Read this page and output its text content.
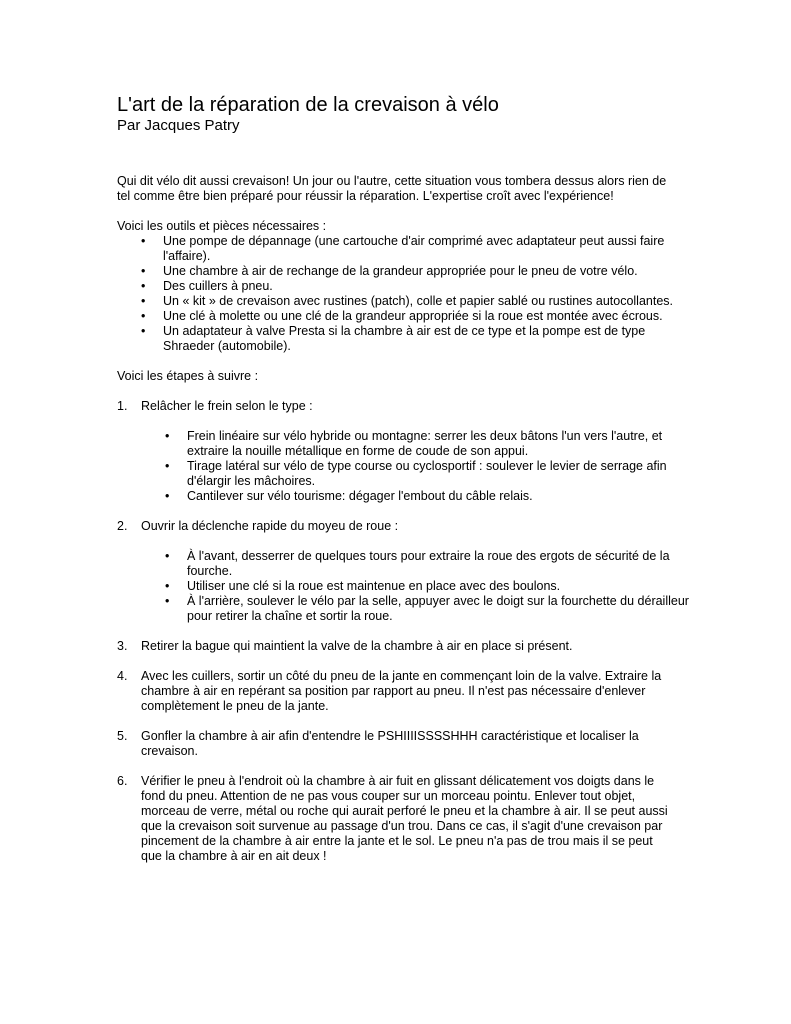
L'art de la réparation de la crevaison à vélo

Par Jacques Patry

Qui dit vélo dit aussi crevaison! Un jour ou l'autre, cette situation vous tombera dessus alors rien de tel comme être bien préparé pour réussir la réparation. L'expertise croît avec l'expérience!

Voici les outils et pièces nécessaires :

• Une pompe de dépannage (une cartouche d'air comprimé avec adaptateur peut aussi faire l'affaire).
• Une chambre à air de rechange de la grandeur appropriée pour le pneu de votre vélo.
• Des cuillers à pneu.
• Un « kit » de crevaison avec rustines (patch), colle et papier sablé ou rustines autocollantes.
• Une clé à molette ou une clé de la grandeur appropriée si la roue est montée avec écrous.
• Un adaptateur à valve Presta si la chambre à air est de ce type et la pompe est de type Shraeder (automobile).

Voici les étapes à suivre :

1. Relâcher le frein selon le type :
• Frein linéaire sur vélo hybride ou montagne: serrer les deux bâtons l'un vers l'autre, et extraire la nouille métallique en forme de coude de son appui.
• Tirage latéral sur vélo de type course ou cyclosportif : soulever le levier de serrage afin d'élargir les mâchoires.
• Cantilever sur vélo tourisme: dégager l'embout du câble relais.
2. Ouvrir la déclenche rapide du moyeu de roue :
• À l'avant, desserrer de quelques tours pour extraire la roue des ergots de sécurité de la fourche.
• Utiliser une clé si la roue est maintenue en place avec des boulons.
• À l'arrière, soulever le vélo par la selle, appuyer avec le doigt sur la fourchette du dérailleur pour retirer la chaîne et sortir la roue.
3. Retirer la bague qui maintient la valve de la chambre à air en place si présent.
4. Avec les cuillers, sortir un côté du pneu de la jante en commençant loin de la valve. Extraire la chambre à air en repérant sa position par rapport au pneu. Il n'est pas nécessaire d'enlever complètement le pneu de la jante.
5. Gonfler la chambre à air afin d'entendre le PSHIIIISSSSHHH caractéristique et localiser la crevaison.
6. Vérifier le pneu à l'endroit où la chambre à air fuit en glissant délicatement vos doigts dans le fond du pneu. Attention de ne pas vous couper sur un morceau pointu. Enlever tout objet, morceau de verre, métal ou roche qui aurait perforé le pneu et la chambre à air. Il se peut aussi que la crevaison soit survenue au passage d'un trou. Dans ce cas, il s'agit d'une crevaison par pincement de la chambre à air entre la jante et le sol. Le pneu n'a pas de trou mais il se peut que la chambre à air en ait deux !
